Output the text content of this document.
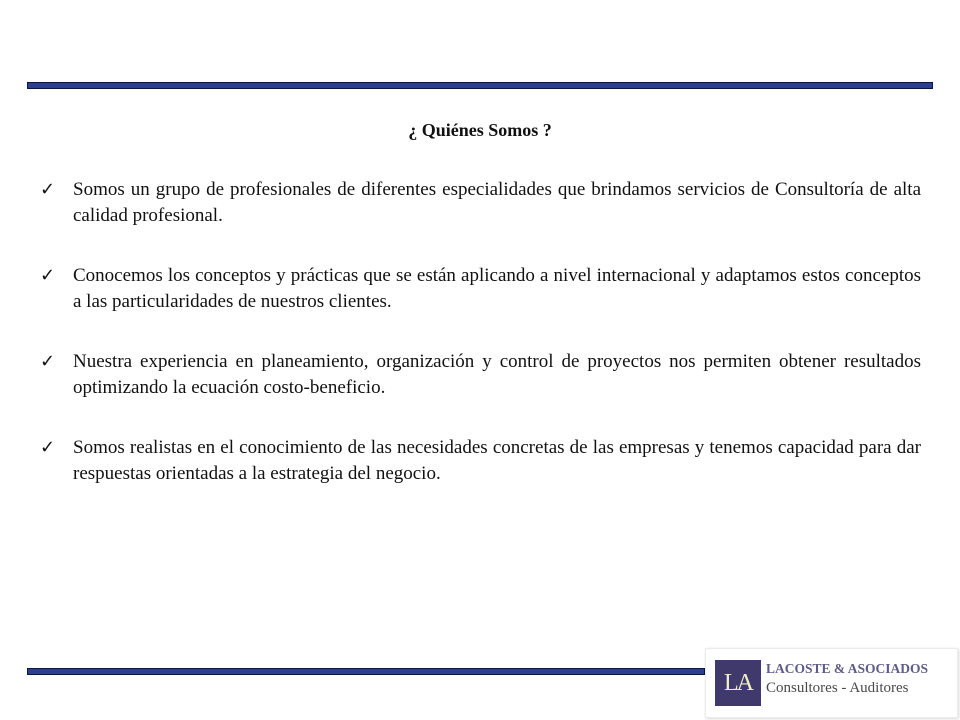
¿ Quiénes Somos ?
✓ Somos un grupo de profesionales de diferentes especialidades que brindamos servicios de Consultoría de alta calidad profesional.
✓ Conocemos los conceptos y prácticas que se están aplicando a nivel internacional y adaptamos estos conceptos a las particularidades de nuestros clientes.
✓ Nuestra experiencia en planeamiento, organización y control de proyectos nos permiten obtener resultados optimizando la ecuación costo-beneficio.
✓ Somos realistas en el conocimiento de las necesidades concretas de las empresas y tenemos capacidad para dar respuestas orientadas a la estrategia del negocio.
LA
LACOSTE & ASOCIADOS
Consultores - Auditores
